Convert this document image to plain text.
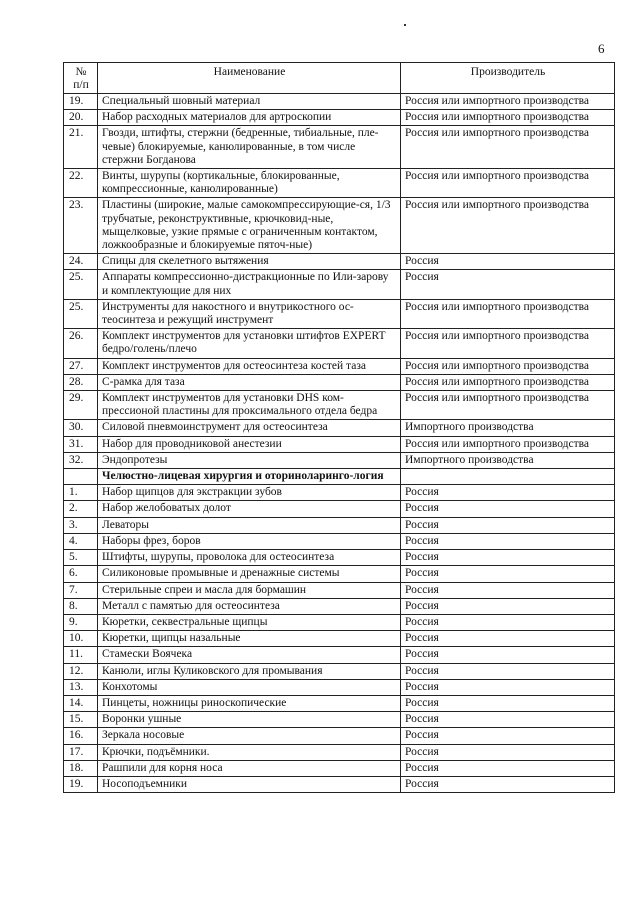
6
№
п/п	Наименование	Производитель
19.	Специальный шовный материал	Россия или импортного производства
20.	Набор расходных материалов для артроскопии	Россия или импортного производства
21.	Гвозди, штифты, стержни (бедренные, тибиальные, пле-чевые) блокируемые, канюлированные, в том числе стержни Богданова	Россия или импортного производства
22.	Винты, шурупы (кортикальные, блокированные, компрессионные, канюлированные)	Россия или импортного производства
23.	Пластины (широкие, малые самокомпрессирующие-ся, 1/3 трубчатые, реконструктивные, крючковид-ные, мыщелковые, узкие прямые с ограниченным контактом, ложкообразные и блокируемые пяточ-ные)	Россия или импортного производства
24.	Спицы для скелетного вытяжения	Россия
25.	Аппараты компрессионно-дистракционные по Или-зарову и комплектующие для них	Россия
25.	Инструменты для накостного и внутрикостного ос-теосинтеза и режущий инструмент	Россия или импортного производства
26.	Комплект инструментов для установки штифтов EXPERT бедро/голень/плечо	Россия или импортного производства
27.	Комплект инструментов для остеосинтеза костей таза	Россия или импортного производства
28.	С-рамка для таза	Россия или импортного производства
29.	Комплект инструментов для установки DHS ком-прессионой пластины для проксимального отдела бедра	Россия или импортного производства
30.	Силовой пневмоинструмент для остеосинтеза	Импортного производства
31.	Набор для проводниковой анестезии	Россия или импортного производства
32.	Эндопротезы	Импортного производства
	Челюстно-лицевая хирургия и оториноларинго-логия	
1.	Набор щипцов для экстракции зубов	Россия
2.	Набор желобоватых долот	Россия
3.	Леваторы	Россия
4.	Наборы фрез, боров	Россия
5.	Штифты, шурупы, проволока для остеосинтеза	Россия
6.	Силиконовые промывные и дренажные системы	Россия
7.	Стерильные спреи и масла для бормашин	Россия
8.	Металл с памятью для остеосинтеза	Россия
9.	Кюретки, секвестральные щипцы	Россия
10.	Кюретки, щипцы назальные	Россия
11.	Стамески Воячека	Россия
12.	Канюли, иглы Куликовского для промывания	Россия
13.	Конхотомы	Россия
14.	Пинцеты, ножницы риноскопические	Россия
15.	Воронки ушные	Россия
16.	Зеркала носовые	Россия
17.	Крючки, подъёмники.	Россия
18.	Рашпили для корня носа	Россия
19.	Носоподъемники	Россия
